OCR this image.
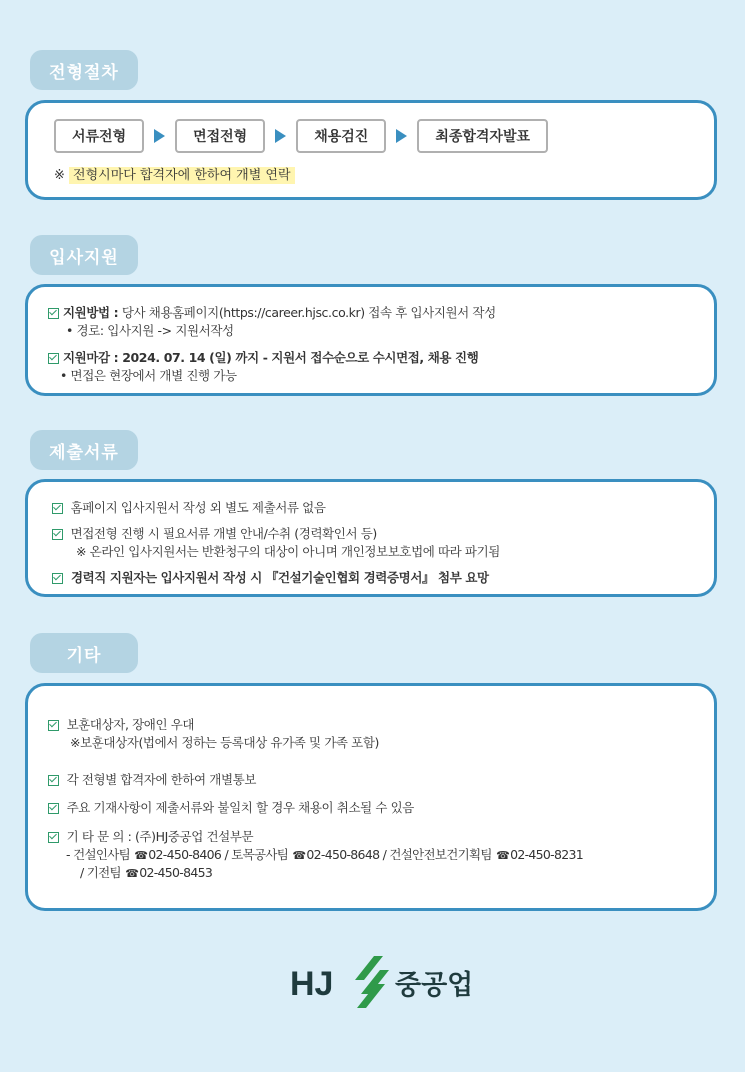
전형절차
서류전형	면접전형	채용검진	최종합격자발표
※ 전형시마다 합격자에 한하여 개별 연락
입사지원
지원방법 : 당사 채용홈페이지(https://career.hjsc.co.kr) 접속 후 입사지원서 작성
• 경로: 입사지원 -> 지원서작성
지원마감 : 2024. 07. 14 (일) 까지 - 지원서 접수순으로 수시면접, 채용 진행
• 면접은 현장에서 개별 진행 가능
제출서류
홈페이지 입사지원서 작성 외 별도 제출서류 없음
면접전형 진행 시 필요서류 개별 안내/수취 (경력확인서 등)
※ 온라인 입사지원서는 반환청구의 대상이 아니며 개인정보보호법에 따라 파기됨
경력직 지원자는 입사지원서 작성 시 『건설기술인협회 경력증명서』 첨부 요망
기타
보훈대상자, 장애인 우대
※보훈대상자(법에서 정하는 등록대상 유가족 및 가족 포함)
각 전형별 합격자에 한하여 개별통보
주요 기재사항이 제출서류와 불일치 할 경우 채용이 취소될 수 있음
기 타 문 의 : (주)HJ중공업 건설부문
- 건설인사팀 ☎02-450-8406 / 토목공사팀 ☎02-450-8648 / 건설안전보건기획팀 ☎02-450-8231
/ 기전팀 ☎02-450-8453
HJ 중공업
